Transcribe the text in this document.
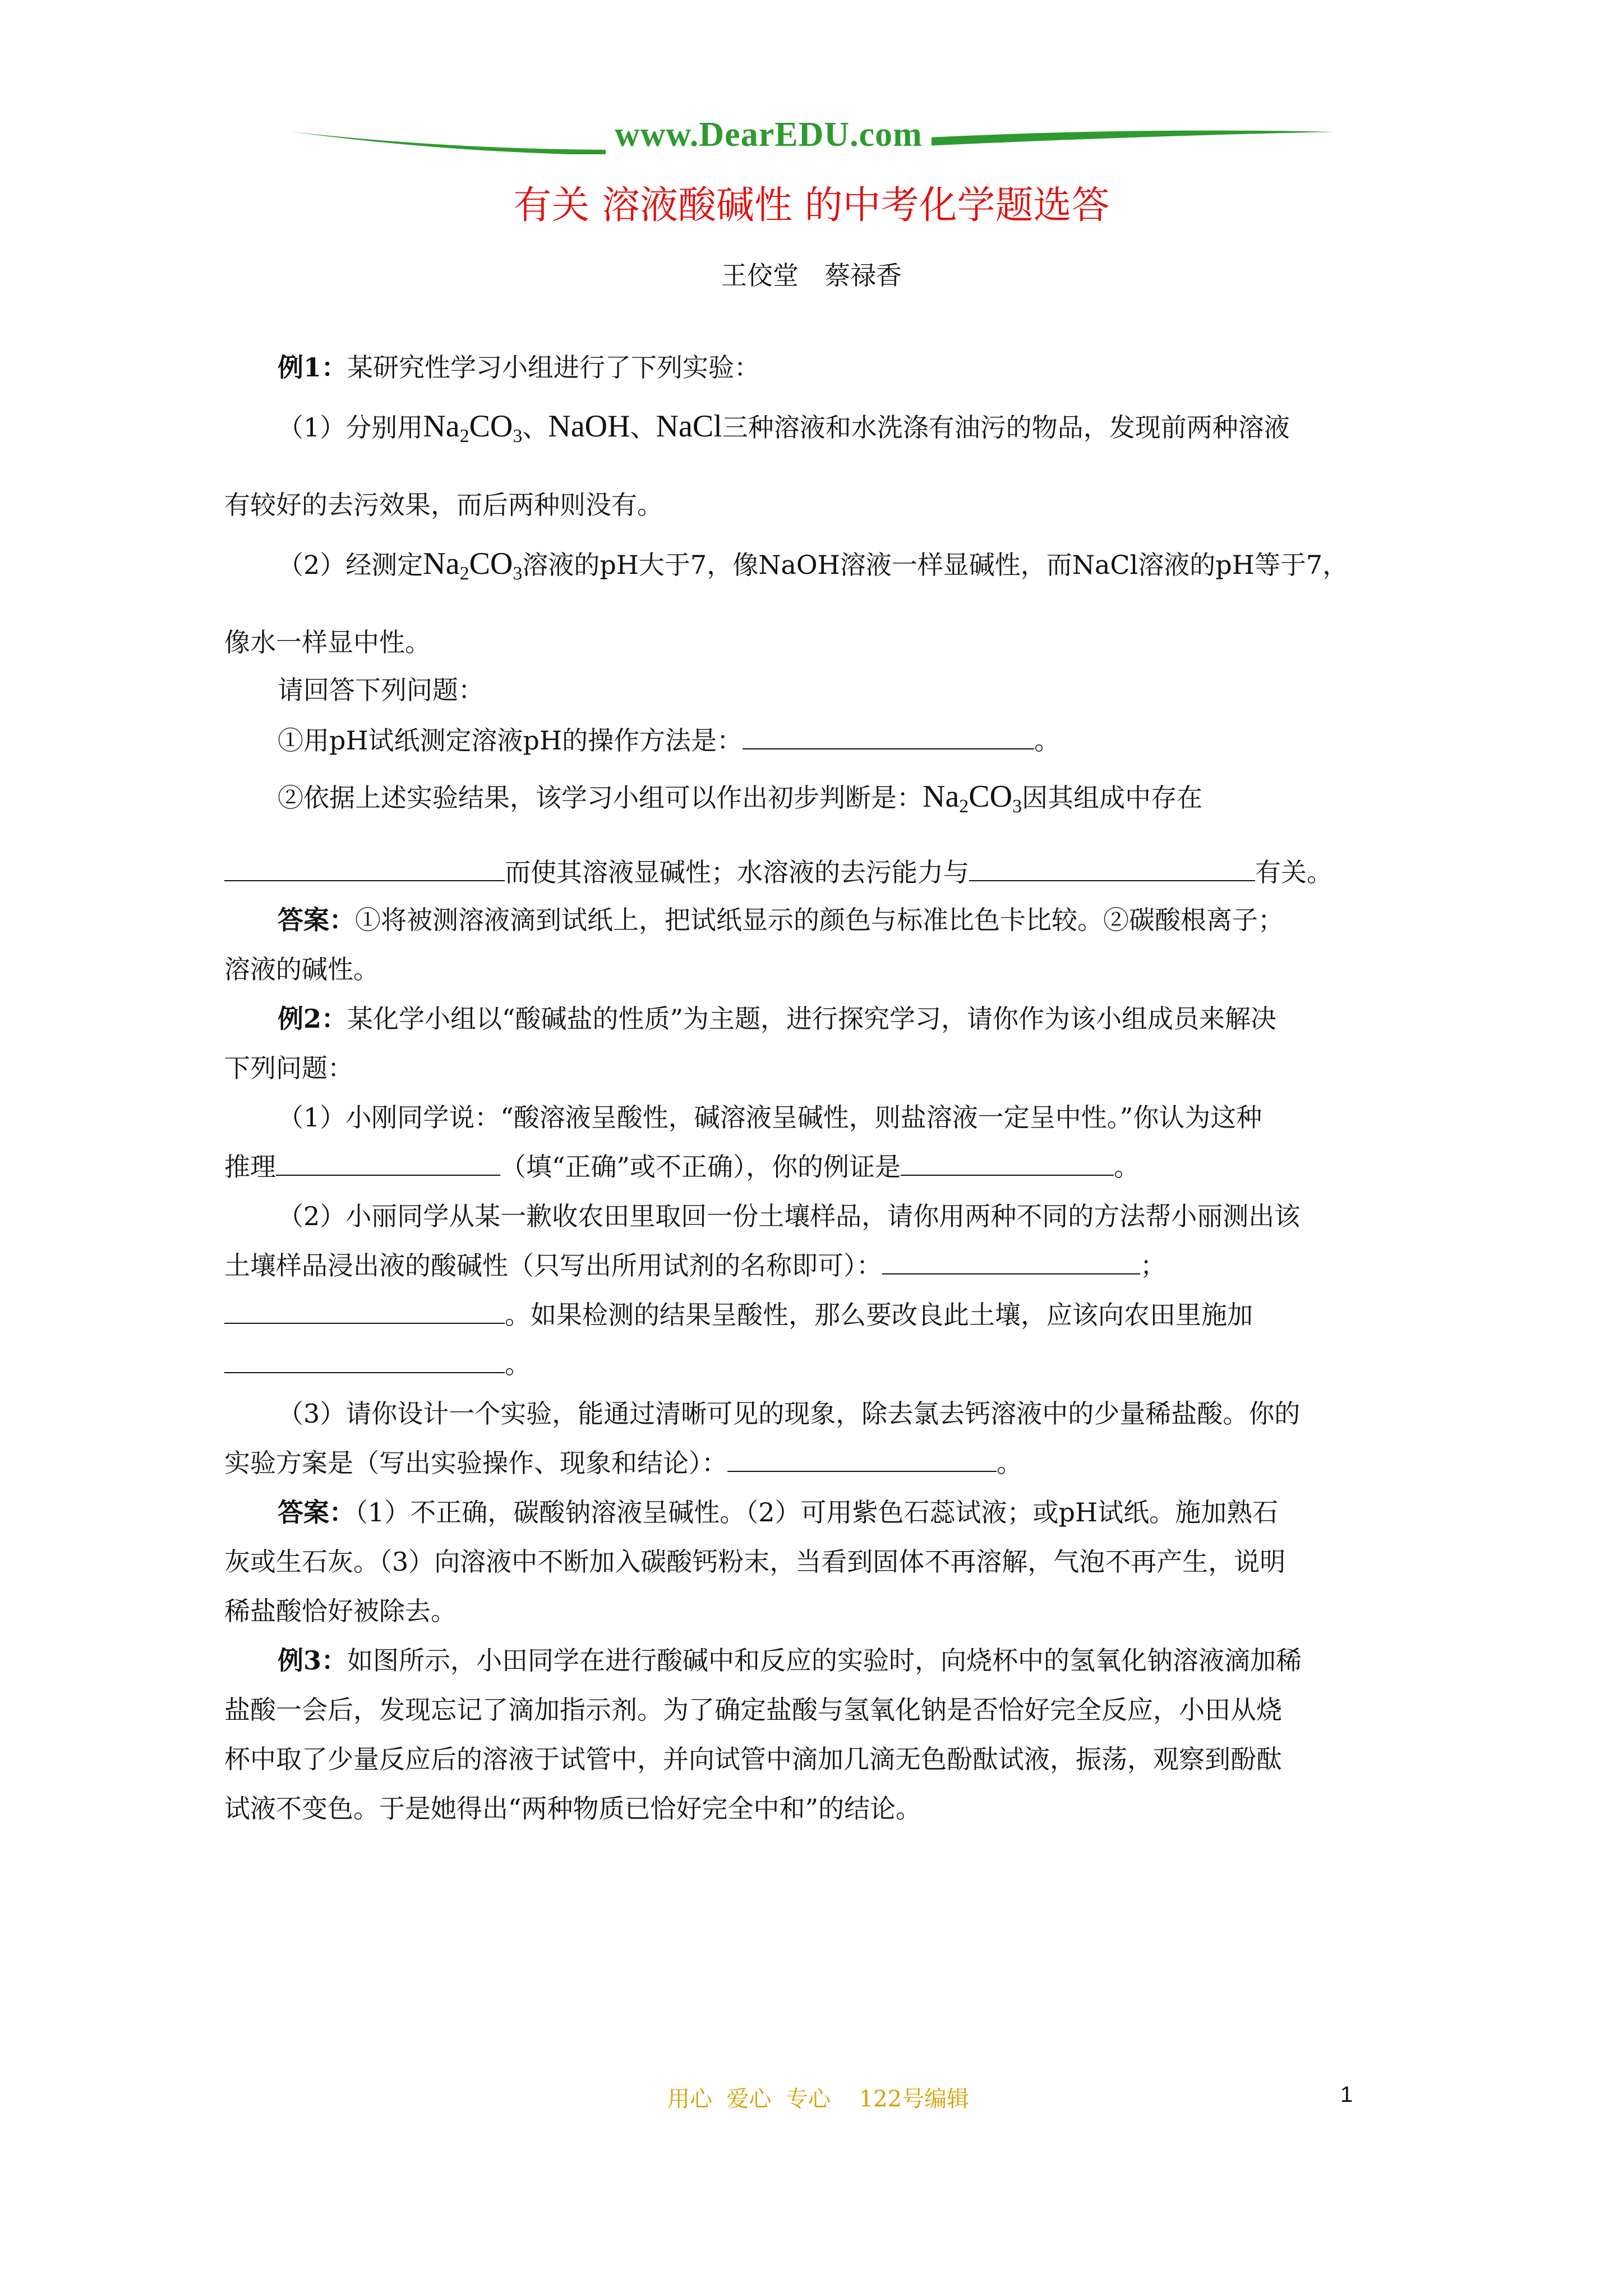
www.DearEDU.com
有关 溶液酸碱性 的中考化学题选答
王佼堂　蔡禄香
例1：某研究性学习小组进行了下列实验：
（1）分别用$Na_2CO_3$、NaOH、NaCl三种溶液和水洗涤有油污的物品，发现前两种溶液
有较好的去污效果，而后两种则没有。
（2）经测定$Na_2CO_3$溶液的pH大于7，像NaOH溶液一样显碱性，而NaCl溶液的pH等于7，
像水一样显中性。
请回答下列问题：
①用pH试纸测定溶液pH的操作方法是：	。
②依据上述实验结果，该学习小组可以作出初步判断是：$Na_2CO_3$因其组成中存在
而使其溶液显碱性；水溶液的去污能力与	有关。
答案：①将被测溶液滴到试纸上，把试纸显示的颜色与标准比色卡比较。②碳酸根离子；
溶液的碱性。
例2：某化学小组以“酸碱盐的性质”为主题，进行探究学习，请你作为该小组成员来解决
下列问题：
（1）小刚同学说：“酸溶液呈酸性，碱溶液呈碱性，则盐溶液一定呈中性。”你认为这种
推理	（填“正确”或不正确），你的例证是	。
（2）小丽同学从某一歉收农田里取回一份土壤样品，请你用两种不同的方法帮小丽测出该
土壤样品浸出液的酸碱性（只写出所用试剂的名称即可）：	；
。如果检测的结果呈酸性，那么要改良此土壤，应该向农田里施加
。
（3）请你设计一个实验，能通过清晰可见的现象，除去氯去钙溶液中的少量稀盐酸。你的
实验方案是（写出实验操作、现象和结论）：	。
答案：（1）不正确，碳酸钠溶液呈碱性。（2）可用紫色石蕊试液；或pH试纸。施加熟石
灰或生石灰。（3）向溶液中不断加入碳酸钙粉末，当看到固体不再溶解，气泡不再产生，说明
稀盐酸恰好被除去。
例3：如图所示，小田同学在进行酸碱中和反应的实验时，向烧杯中的氢氧化钠溶液滴加稀
盐酸一会后，发现忘记了滴加指示剂。为了确定盐酸与氢氧化钠是否恰好完全反应，小田从烧
杯中取了少量反应后的溶液于试管中，并向试管中滴加几滴无色酚酞试液，振荡，观察到酚酞
试液不变色。于是她得出“两种物质已恰好完全中和”的结论。
用心  爱心  专心    122号编辑	1
